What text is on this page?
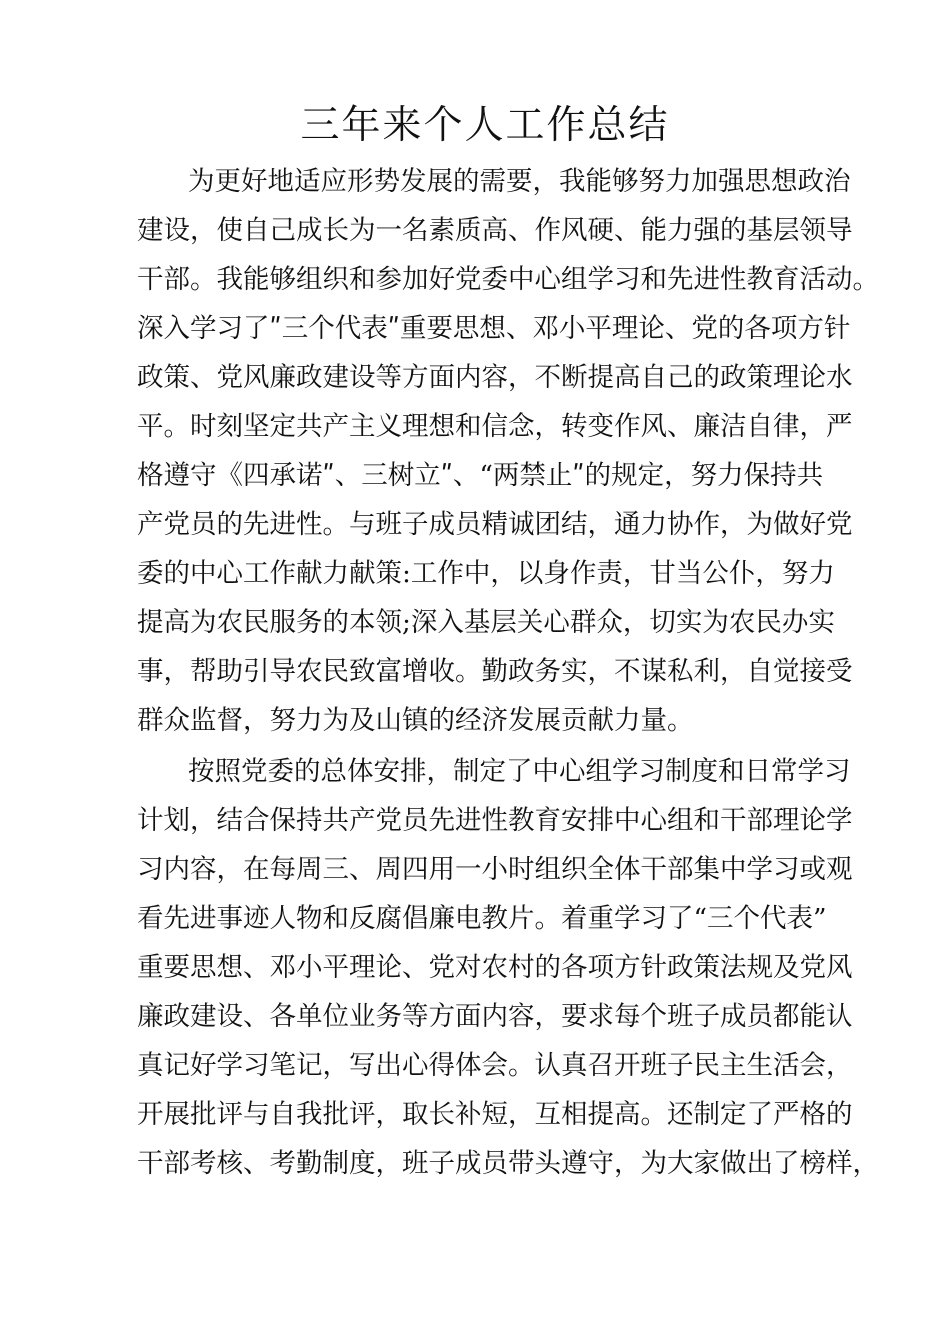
三年来个人工作总结
为更好地适应形势发展的需要，我能够努力加强思想政治
建设，使自己成长为一名素质高、作风硬、能力强的基层领导
干部。我能够组织和参加好党委中心组学习和先进性教育活动。
深入学习了ʺ三个代表ʺ重要思想、邓小平理论、党的各项方针
政策、党风廉政建设等方面内容，不断提高自己的政策理论水
平。时刻坚定共产主义理想和信念，转变作风、廉洁自律，严
格遵守《四承诺ʺ、三树立ʺ、“两禁止ʺ的规定，努力保持共
产党员的先进性。与班子成员精诚团结，通力协作，为做好党
委的中心工作献力献策:工作中，以身作责，甘当公仆，努力
提高为农民服务的本领;深入基层关心群众，切实为农民办实
事，帮助引导农民致富增收。勤政务实，不谋私利，自觉接受
群众监督，努力为及山镇的经济发展贡献力量。
按照党委的总体安排，制定了中心组学习制度和日常学习
计划，结合保持共产党员先进性教育安排中心组和干部理论学
习内容，在每周三、周四用一小时组织全体干部集中学习或观
看先进事迹人物和反腐倡廉电教片。着重学习了“三个代表”
重要思想、邓小平理论、党对农村的各项方针政策法规及党风
廉政建设、各单位业务等方面内容，要求每个班子成员都能认
真记好学习笔记，写出心得体会。认真召开班子民主生活会，
开展批评与自我批评，取长补短，互相提高。还制定了严格的
干部考核、考勤制度，班子成员带头遵守，为大家做出了榜样，
